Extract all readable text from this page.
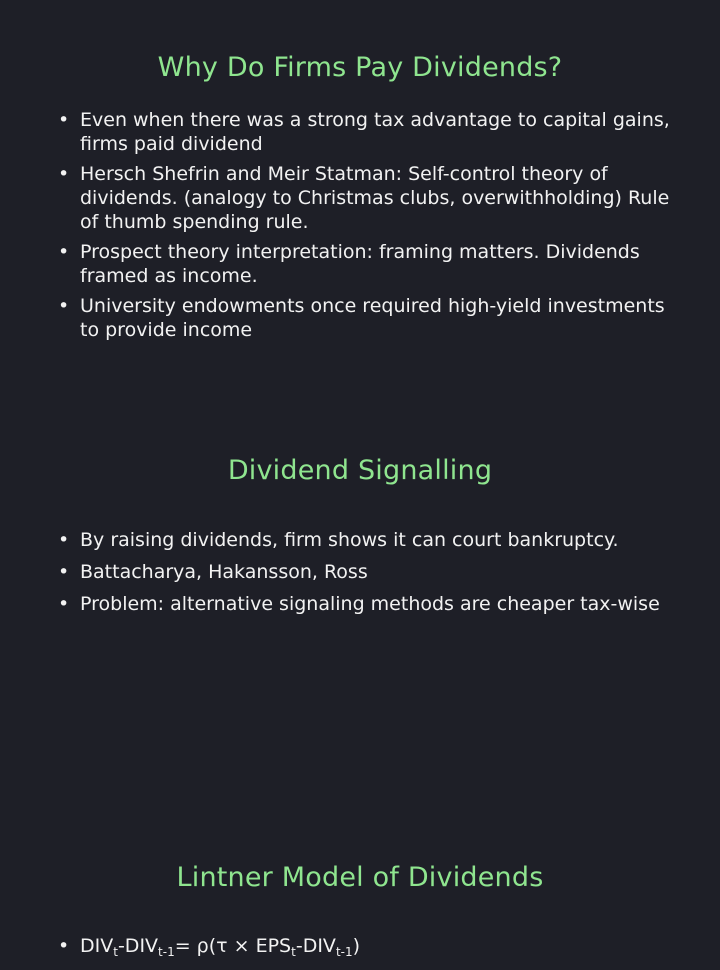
Why Do Firms Pay Dividends?
• Even when there was a strong tax advantage to capital gains, firms paid dividend
• Hersch Shefrin and Meir Statman: Self-control theory of dividends. (analogy to Christmas clubs, overwithholding) Rule of thumb spending rule.
• Prospect theory interpretation: framing matters. Dividends framed as income.
• University endowments once required high-yield investments to provide income
Dividend Signalling
• By raising dividends, firm shows it can court bankruptcy.
• Battacharya, Hakansson, Ross
• Problem: alternative signaling methods are cheaper tax-wise
Lintner Model of Dividends
• $DIV_t-DIV_{t-1}= \rho(\tau \times EPS_t-DIV_{t-1})$
